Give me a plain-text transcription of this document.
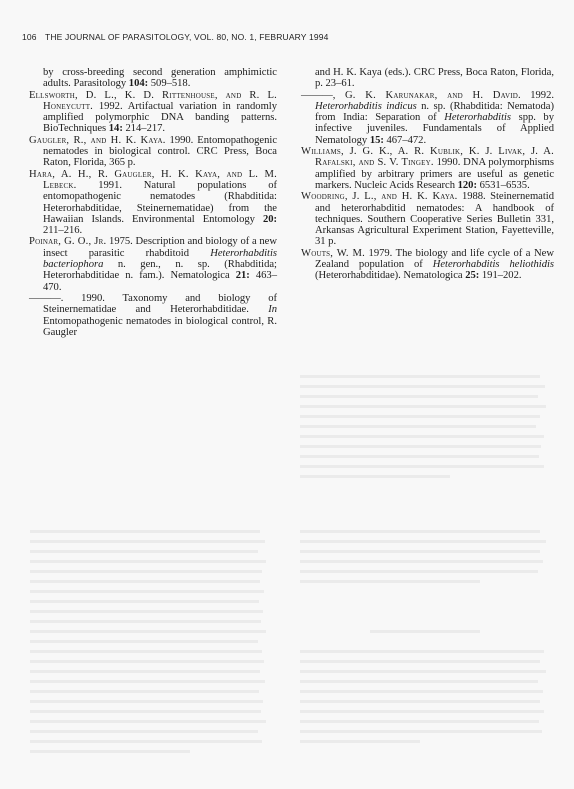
106 THE JOURNAL OF PARASITOLOGY, VOL. 80, NO. 1, FEBRUARY 1994

by cross-breeding second generation amphimictic adults. Parasitology 104: 509–518.

Ellsworth, D. L., K. D. Rittenhouse, and R. L. Honeycutt. 1992. Artifactual variation in randomly amplified polymorphic DNA banding patterns. BioTechniques 14: 214–217.

Gaugler, R., and H. K. Kaya. 1990. Entomopathogenic nematodes in biological control. CRC Press, Boca Raton, Florida, 365 p.

Hara, A. H., R. Gaugler, H. K. Kaya, and L. M. Lebeck. 1991. Natural populations of entomopathogenic nematodes (Rhabditida: Heterorhabditidae, Steinernematidae) from the Hawaiian Islands. Environmental Entomology 20: 211–216.

Poinar, G. O., Jr. 1975. Description and biology of a new insect parasitic rhabditoid Heterorhabditis bacteriophora n. gen., n. sp. (Rhabditida; Heterorhabditidae n. fam.). Nematologica 21: 463–470.

———. 1990. Taxonomy and biology of Steinernematidae and Heterorhabditidae. In Entomopathogenic nematodes in biological control, R. Gaugler

and H. K. Kaya (eds.). CRC Press, Boca Raton, Florida, p. 23–61.

———, G. K. Karunakar, and H. David. 1992. Heterorhabditis indicus n. sp. (Rhabditida: Nematoda) from India: Separation of Heterorhabditis spp. by infective juveniles. Fundamentals of Applied Nematology 15: 467–472.

Williams, J. G. K., A. R. Kublik, K. J. Livak, J. A. Rafalski, and S. V. Tingey. 1990. DNA polymorphisms amplified by arbitrary primers are useful as genetic markers. Nucleic Acids Research 120: 6531–6535.

Woodring, J. L., and H. K. Kaya. 1988. Steinernematid and heterorhabditid nematodes: A handbook of techniques. Southern Cooperative Series Bulletin 331, Arkansas Agricultural Experiment Station, Fayetteville, 31 p.

Wouts, W. M. 1979. The biology and life cycle of a New Zealand population of Heterorhabditis heliothidis (Heterorhabditidae). Nematologica 25: 191–202.
